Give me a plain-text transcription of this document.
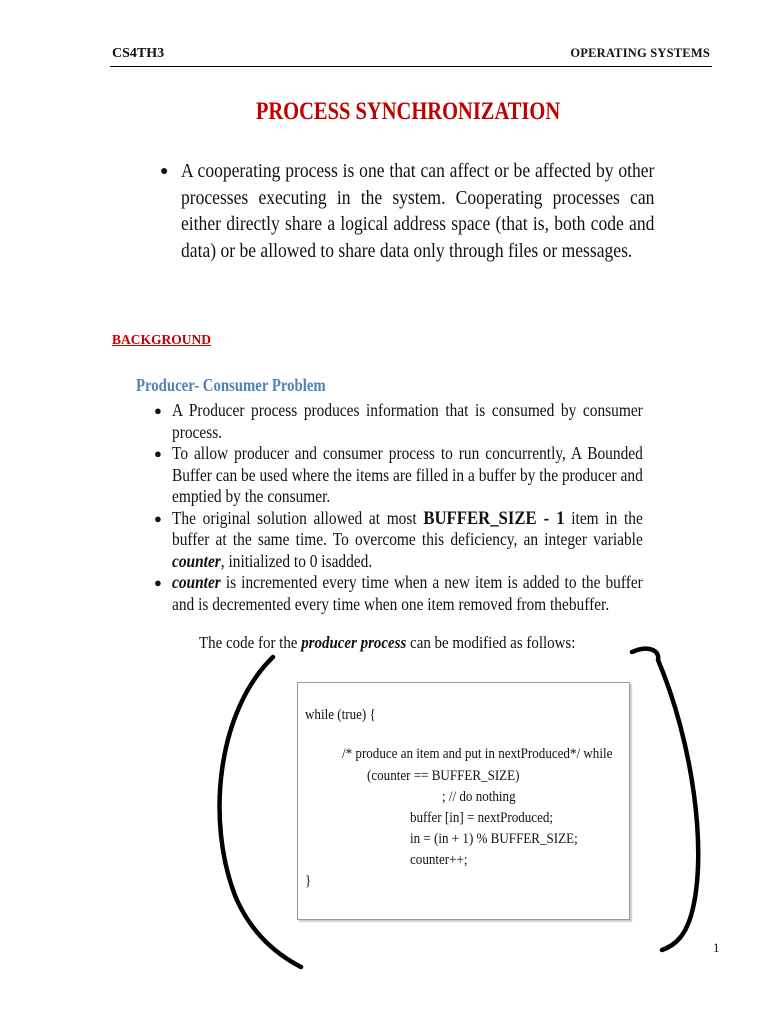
CS4TH3	OPERATING SYSTEMS
PROCESS SYNCHRONIZATION
● A cooperating process is one that can affect or be affected by other processes executing in the system. Cooperating processes can either directly share a logical address space (that is, both code and data) or be allowed to share data only through files or messages.

BACKGROUND
Producer- Consumer Problem
● A Producer process produces information that is consumed by consumer process.
● To allow producer and consumer process to run concurrently, A Bounded Buffer can be used where the items are filled in a buffer by the producer and emptied by the consumer.
● The original solution allowed at most BUFFER_SIZE - 1 item in the buffer at the same time. To overcome this deficiency, an integer variable counter, initialized to 0 isadded.
● counter is incremented every time when a new item is added to the buffer and is decremented every time when one item removed from thebuffer.
The code for the producer process can be modified as follows:
while (true) {
/* produce an item and put in nextProduced*/ while
(counter == BUFFER_SIZE)
; // do nothing
buffer [in] = nextProduced;
in = (in + 1) % BUFFER_SIZE;
counter++;
}
1
